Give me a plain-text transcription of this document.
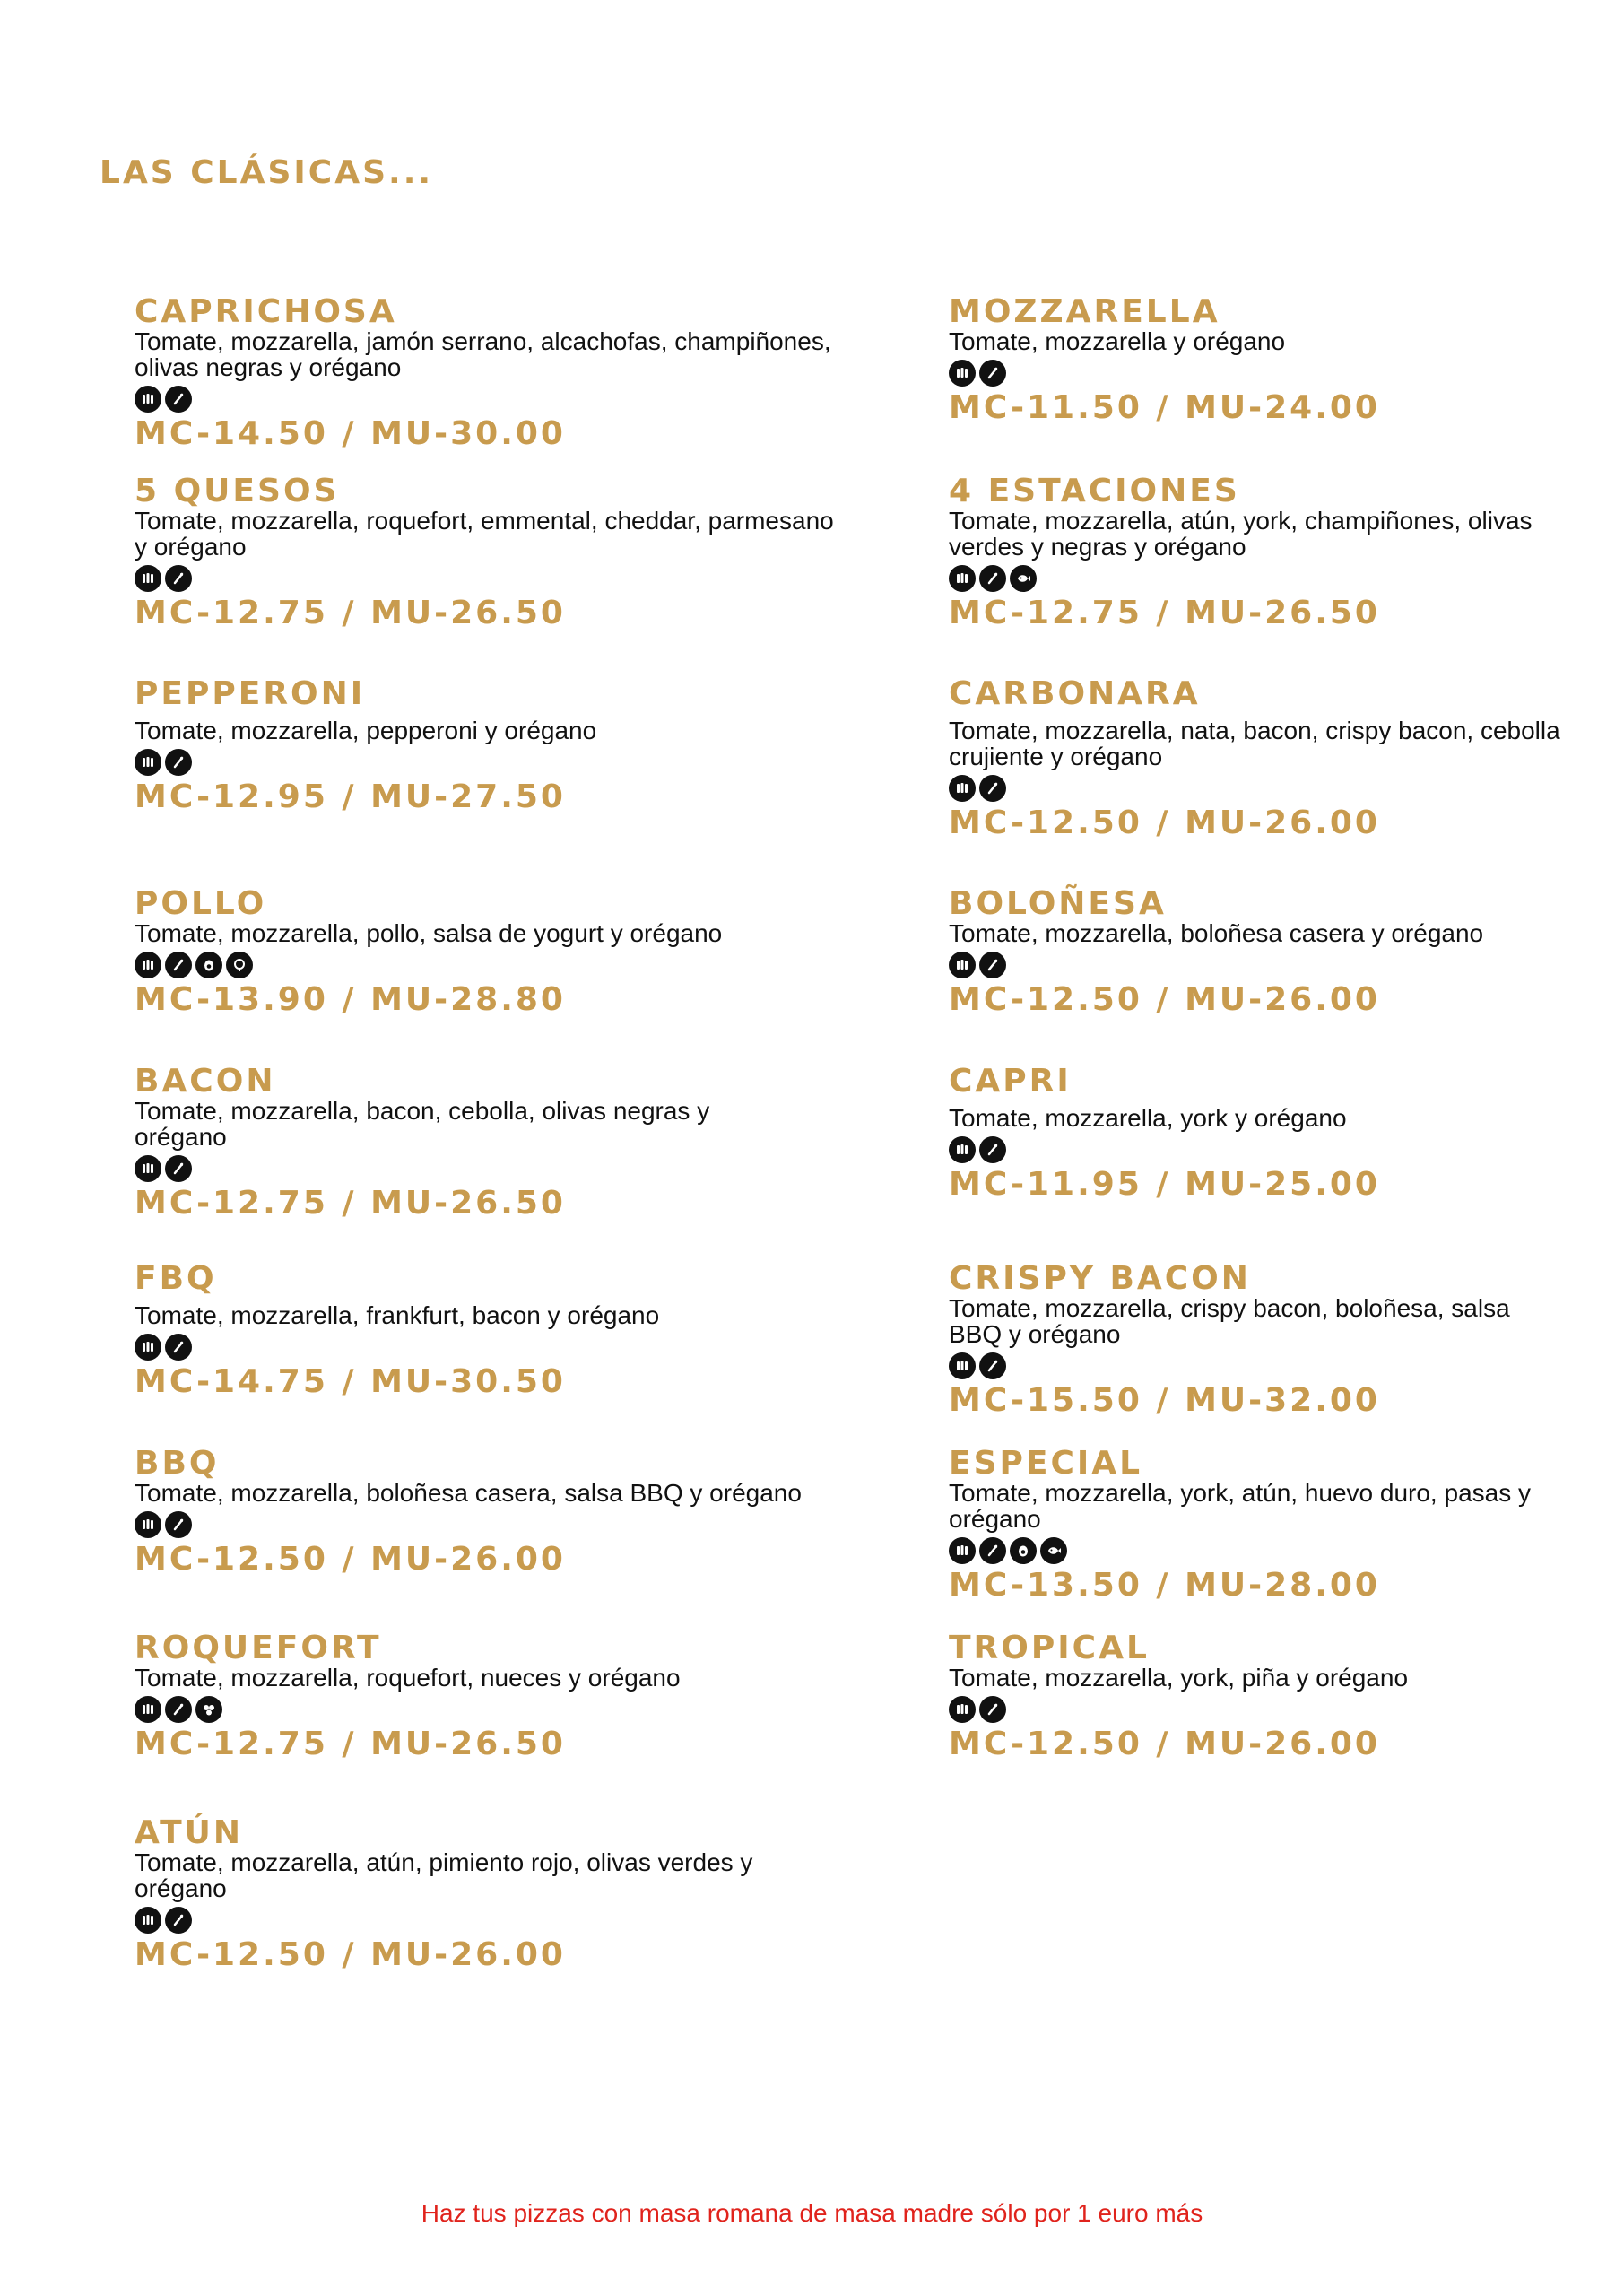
LAS CLÁSICAS...
CAPRICHOSA
Tomate, mozzarella, jamón serrano, alcachofas, champiñones, olivas negras y orégano
MC-14.50 / MU-30.00
5 QUESOS
Tomate, mozzarella, roquefort, emmental, cheddar, parmesano y orégano
MC-12.75 / MU-26.50
PEPPERONI
Tomate, mozzarella, pepperoni y orégano
MC-12.95 / MU-27.50
POLLO
Tomate, mozzarella, pollo, salsa de yogurt y orégano
MC-13.90 / MU-28.80
BACON
Tomate, mozzarella, bacon, cebolla, olivas negras y orégano
MC-12.75 / MU-26.50
FBQ
Tomate, mozzarella, frankfurt, bacon y orégano
MC-14.75 / MU-30.50
BBQ
Tomate, mozzarella, boloñesa casera, salsa BBQ y orégano
MC-12.50 / MU-26.00
ROQUEFORT
Tomate, mozzarella, roquefort, nueces y orégano
MC-12.75 / MU-26.50
ATÚN
Tomate, mozzarella, atún, pimiento rojo, olivas verdes y orégano
MC-12.50 / MU-26.00
MOZZARELLA
Tomate, mozzarella y orégano
MC-11.50 / MU-24.00
4 ESTACIONES
Tomate, mozzarella, atún, york, champiñones, olivas verdes y negras y orégano
MC-12.75 / MU-26.50
CARBONARA
Tomate, mozzarella, nata, bacon, crispy bacon, cebolla crujiente y orégano
MC-12.50 / MU-26.00
BOLOÑESA
Tomate, mozzarella, boloñesa casera y orégano
MC-12.50 / MU-26.00
CAPRI
Tomate, mozzarella, york y orégano
MC-11.95 / MU-25.00
CRISPY BACON
Tomate, mozzarella, crispy bacon, boloñesa, salsa BBQ y orégano
MC-15.50 / MU-32.00
ESPECIAL
Tomate, mozzarella, york, atún, huevo duro, pasas y orégano
MC-13.50 / MU-28.00
TROPICAL
Tomate, mozzarella, york, piña y orégano
MC-12.50 / MU-26.00
Haz tus pizzas con masa romana de masa madre sólo por 1 euro más
